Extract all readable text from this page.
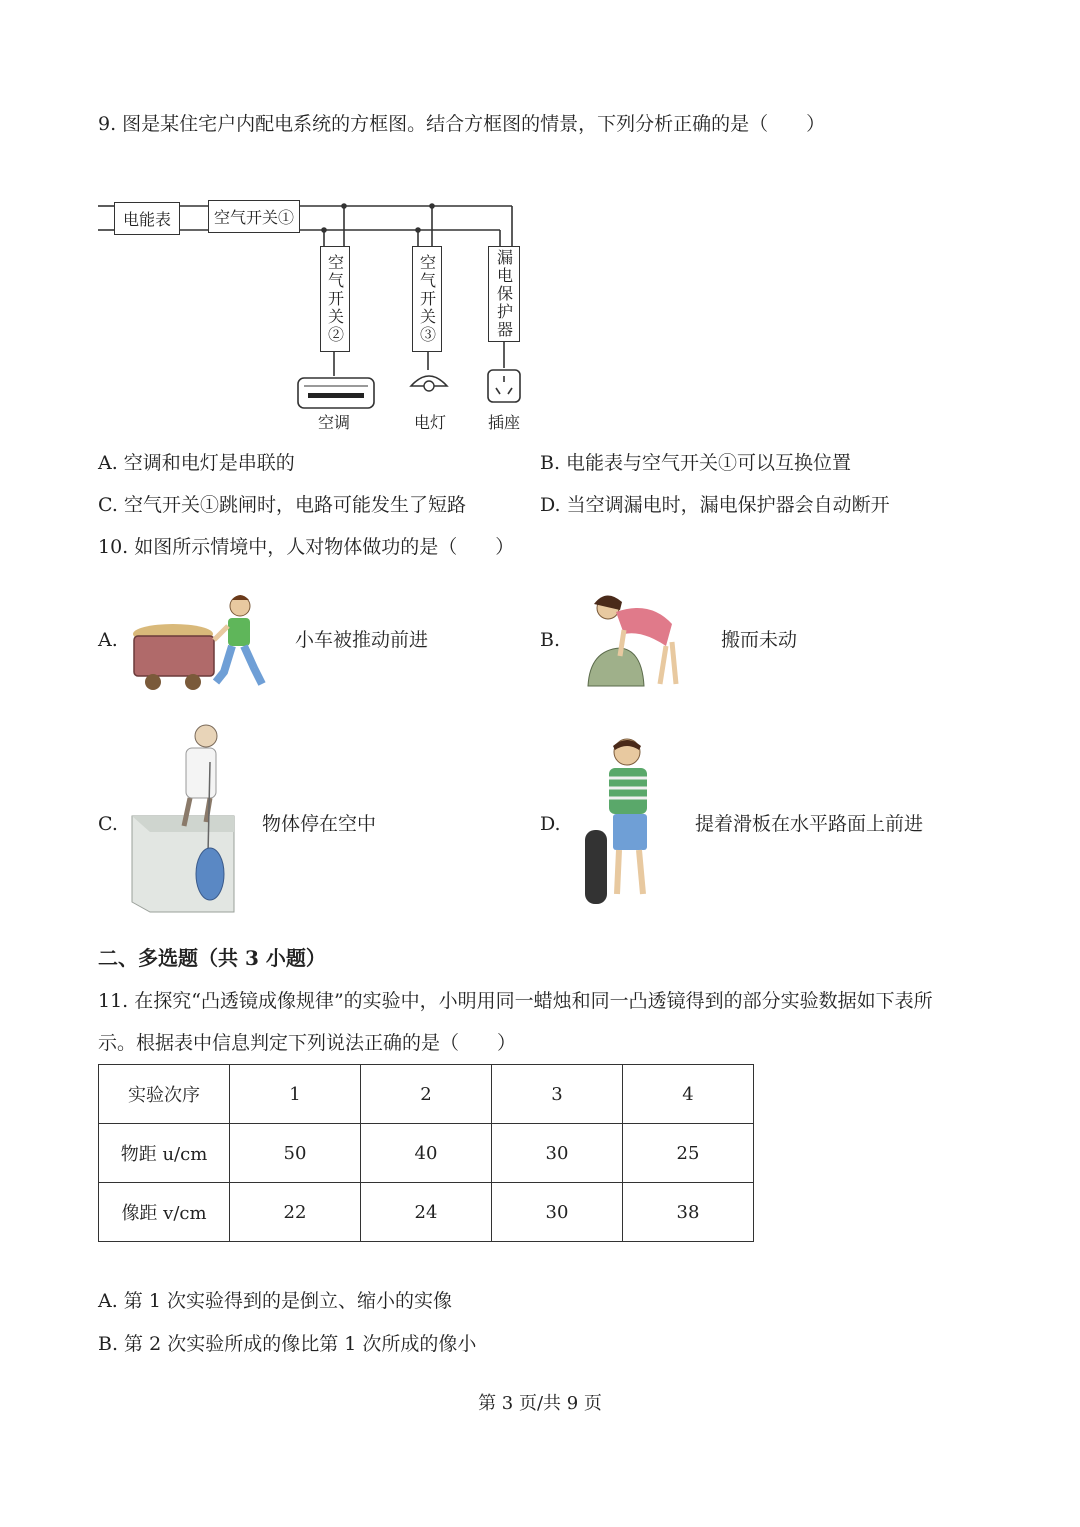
9. 图是某住宅户内配电系统的方框图。结合方框图的情景，下列分析正确的是（　　）
电能表	空气开关①
空气开关②	空气开关③	漏电保护器
空调	电灯	插座
A. 空调和电灯是串联的	B. 电能表与空气开关①可以互换位置
C. 空气开关①跳闸时，电路可能发生了短路	D. 当空调漏电时，漏电保护器会自动断开
10. 如图所示情境中，人对物体做功的是（　　）
A.	小车被推动前进	B.	搬而未动
C.	物体停在空中	D.	提着滑板在水平路面上前进
二、多选题（共 3 小题）
11. 在探究“凸透镜成像规律”的实验中，小明用同一蜡烛和同一凸透镜得到的部分实验数据如下表所
示。根据表中信息判定下列说法正确的是（　　）
实验次序	1	2	3	4
物距 u/cm	50	40	30	25
像距 v/cm	22	24	30	38
A. 第 1 次实验得到的是倒立、缩小的实像
B. 第 2 次实验所成的像比第 1 次所成的像小
第 3 页/共 9 页
